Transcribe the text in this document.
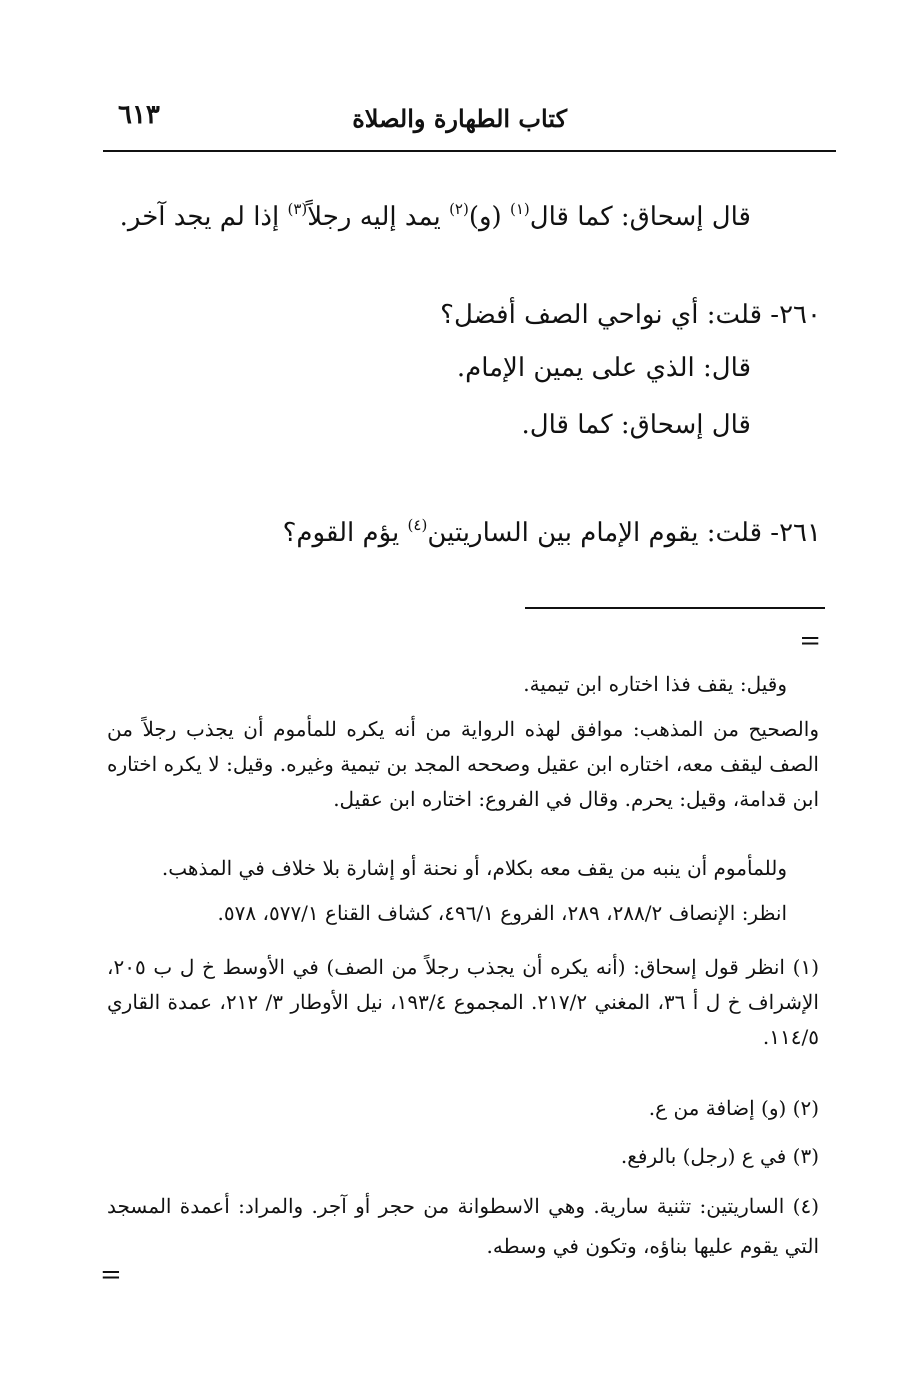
كتاب الطهارة والصلاة
٦١٣
قال إسحاق: كما قال$^{(١)}$ (و)$^{(٢)}$ يمد إليه رجلاً$^{(٣)}$ إذا لم يجد آخر.
٢٦٠- قلت: أي نواحي الصف أفضل؟
قال: الذي على يمين الإمام.
قال إسحاق: كما قال.
٢٦١- قلت: يقوم الإمام بين الساريتين$^{(٤)}$ يؤم القوم؟
=
وقيل: يقف فذا اختاره ابن تيمية.
والصحيح من المذهب: موافق لهذه الرواية من أنه يكره للمأموم أن يجذب رجلاً من الصف ليقف معه، اختاره ابن عقيل وصححه المجد بن تيمية وغيره. وقيل: لا يكره اختاره ابن قدامة، وقيل: يحرم. وقال في الفروع: اختاره ابن عقيل.
وللمأموم أن ينبه من يقف معه بكلام، أو نحنة أو إشارة بلا خلاف في المذهب.
انظر: الإنصاف ٢٨٨/٢، ٢٨٩، الفروع ٤٩٦/١، كشاف القناع ٥٧٧/١، ٥٧٨.
(١) انظر قول إسحاق: (أنه يكره أن يجذب رجلاً من الصف) في الأوسط خ ل ب ٢٠٥، الإشراف خ ل أ ٣٦، المغني ٢١٧/٢. المجموع ١٩٣/٤، نيل الأوطار ٣/ ٢١٢، عمدة القاري ١١٤/٥.
(٢) (و) إضافة من ع.
(٣) في ع (رجل) بالرفع.
(٤) الساريتين: تثنية سارية. وهي الاسطوانة من حجر أو آجر. والمراد: أعمدة المسجد التي يقوم عليها بناؤه، وتكون في وسطه.
=
